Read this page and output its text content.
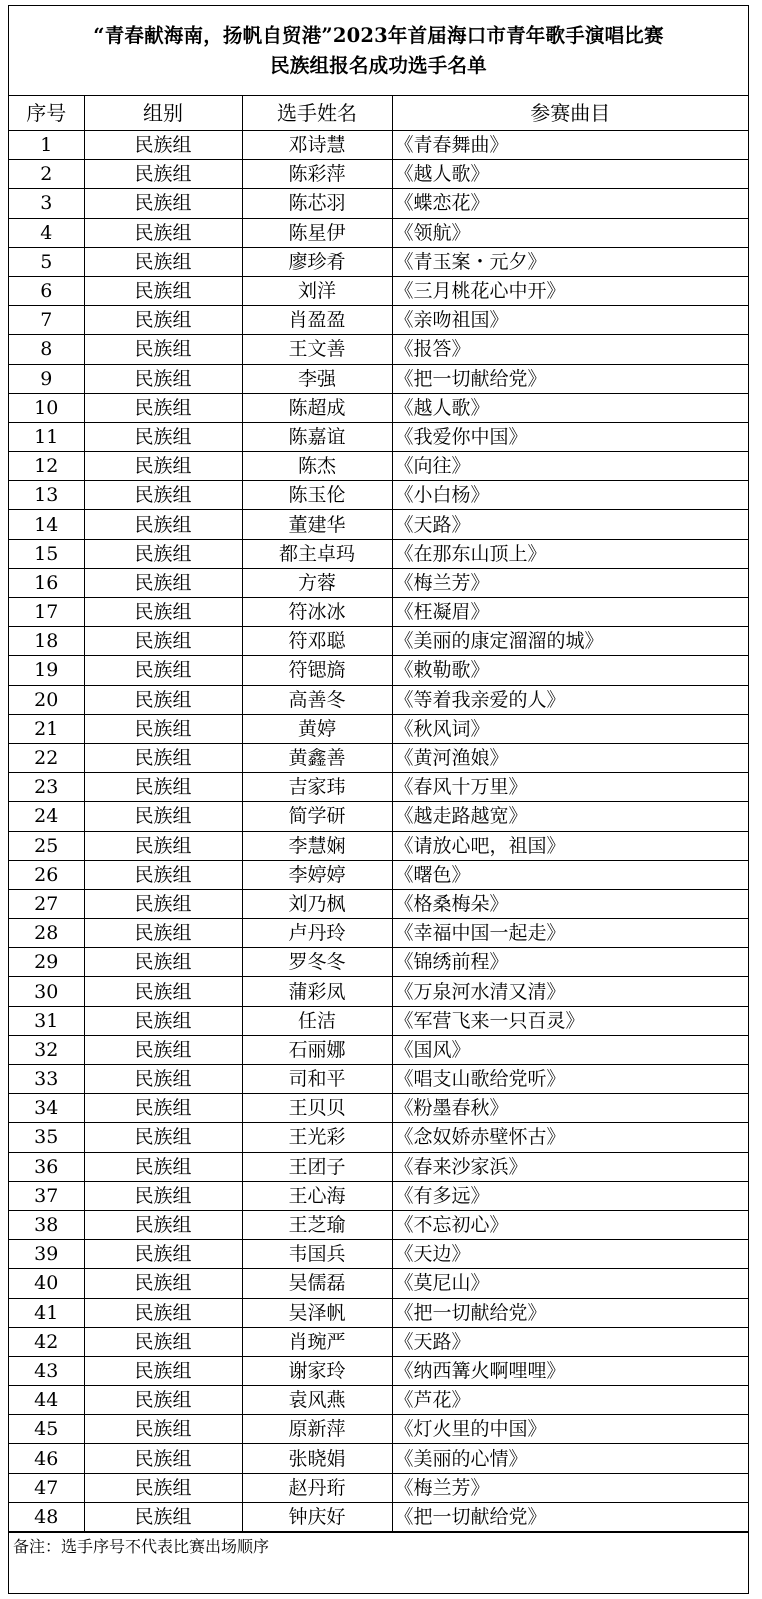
“青春献海南，扬帆自贸港”2023年首届海口市青年歌手演唱比赛
民族组报名成功选手名单
序号	组别	选手姓名	参赛曲目
1	民族组	邓诗慧	《青春舞曲》
2	民族组	陈彩萍	《越人歌》
3	民族组	陈芯羽	《蝶恋花》
4	民族组	陈星伊	《领航》
5	民族组	廖珍肴	《青玉案・元夕》
6	民族组	刘洋	《三月桃花心中开》
7	民族组	肖盈盈	《亲吻祖国》
8	民族组	王文善	《报答》
9	民族组	李强	《把一切献给党》
10	民族组	陈超成	《越人歌》
11	民族组	陈嘉谊	《我爱你中国》
12	民族组	陈杰	《向往》
13	民族组	陈玉伦	《小白杨》
14	民族组	董建华	《天路》
15	民族组	都主卓玛	《在那东山顶上》
16	民族组	方蓉	《梅兰芳》
17	民族组	符冰冰	《枉凝眉》
18	民族组	符邓聪	《美丽的康定溜溜的城》
19	民族组	符锶旖	《敕勒歌》
20	民族组	高善冬	《等着我亲爱的人》
21	民族组	黄婷	《秋风词》
22	民族组	黄鑫善	《黄河渔娘》
23	民族组	吉家玮	《春风十万里》
24	民族组	简学研	《越走路越宽》
25	民族组	李慧娴	《请放心吧，祖国》
26	民族组	李婷婷	《曙色》
27	民族组	刘乃枫	《格桑梅朵》
28	民族组	卢丹玲	《幸福中国一起走》
29	民族组	罗冬冬	《锦绣前程》
30	民族组	蒲彩凤	《万泉河水清又清》
31	民族组	任洁	《军营飞来一只百灵》
32	民族组	石丽娜	《国风》
33	民族组	司和平	《唱支山歌给党听》
34	民族组	王贝贝	《粉墨春秋》
35	民族组	王光彩	《念奴娇赤壁怀古》
36	民族组	王团子	《春来沙家浜》
37	民族组	王心海	《有多远》
38	民族组	王芝瑜	《不忘初心》
39	民族组	韦国兵	《天边》
40	民族组	吴儒磊	《莫尼山》
41	民族组	吴泽帆	《把一切献给党》
42	民族组	肖琬严	《天路》
43	民族组	谢家玲	《纳西篝火啊哩哩》
44	民族组	袁风燕	《芦花》
45	民族组	原新萍	《灯火里的中国》
46	民族组	张晓娟	《美丽的心情》
47	民族组	赵丹珩	《梅兰芳》
48	民族组	钟庆好	《把一切献给党》
备注：选手序号不代表比赛出场顺序
